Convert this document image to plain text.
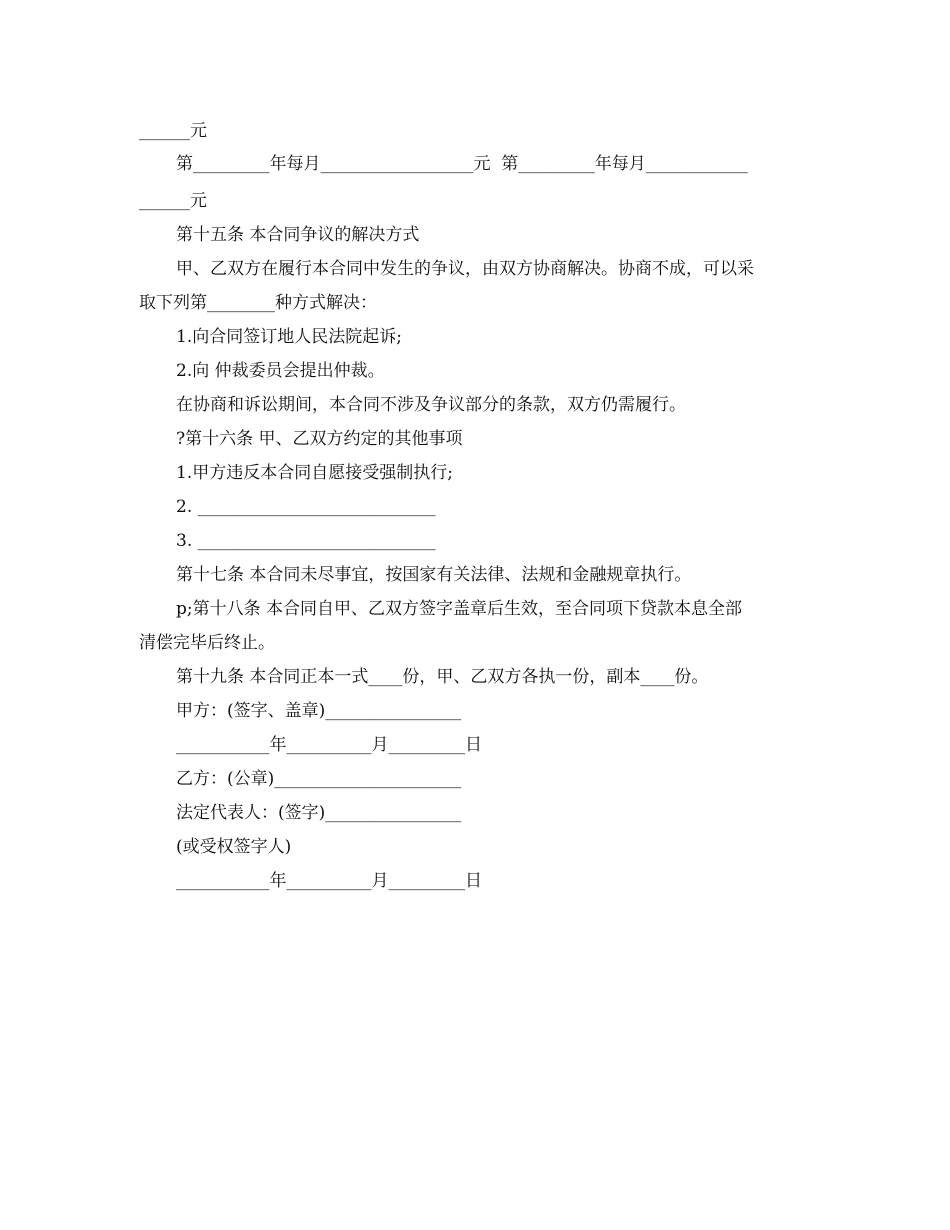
______元
第_________年每月__________________元  第_________年每月____________
______元
第十五条 本合同争议的解决方式
甲、乙双方在履行本合同中发生的争议，由双方协商解决。协商不成，可以采
取下列第________种方式解决：
1.向合同签订地人民法院起诉;
2.向 仲裁委员会提出仲裁。
在协商和诉讼期间，本合同不涉及争议部分的条款，双方仍需履行。
?第十六条 甲、乙双方约定的其他事项
1.甲方违反本合同自愿接受强制执行;
2. ____________________________
3. ____________________________
第十七条 本合同未尽事宜，按国家有关法律、法规和金融规章执行。
p;第十八条 本合同自甲、乙双方签字盖章后生效，至合同项下贷款本息全部
清偿完毕后终止。
第十九条 本合同正本一式____份，甲、乙双方各执一份，副本____份。
甲方：(签字、盖章)________________
___________年__________月_________日
乙方：(公章)______________________
法定代表人：(签字)________________
(或受权签字人)
___________年__________月_________日
